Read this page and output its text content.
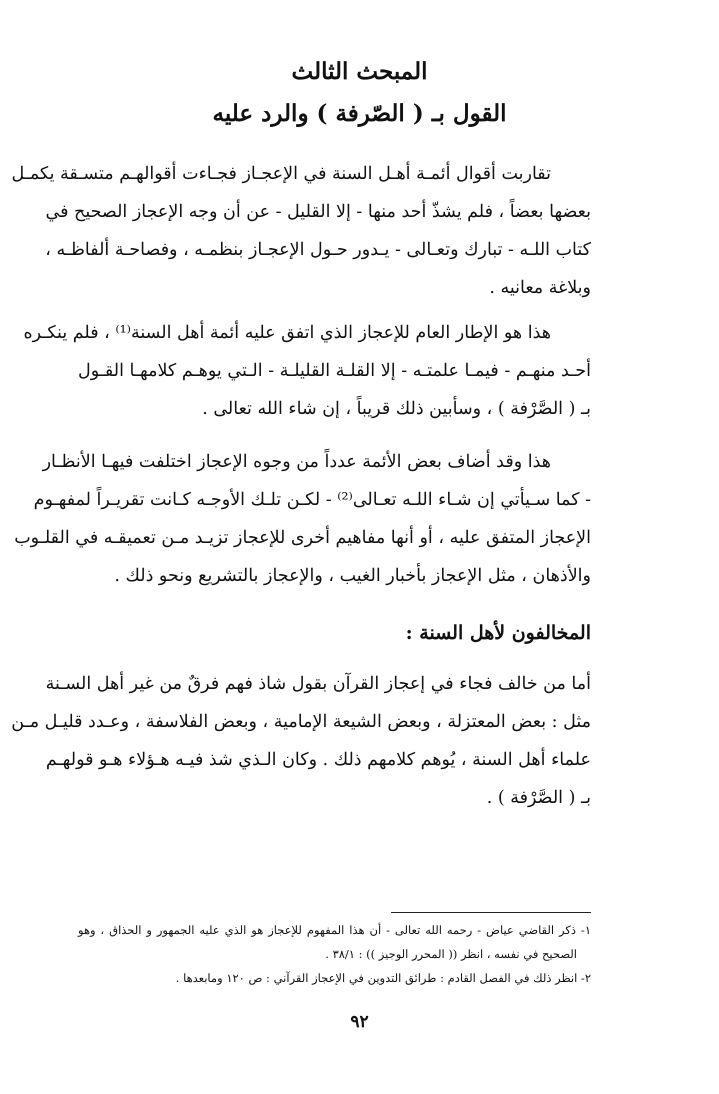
المبحث الثالث
القول بـ ( الصّرفة ) والرد عليه
تقاربت أقوال أئمـة أهـل السنة في الإعجـاز فجـاءت أقوالهـم متسـقة يكمـل
بعضها بعضاً ، فلم يشذّ أحد منها - إلا القليل - عن أن وجه الإعجاز الصحيح في
كتاب اللـه - تبارك وتعـالى - يـدور حـول الإعجـاز بنظمـه ، وفصاحـة ألفاظـه ،
وبلاغة معانيه .
هذا هو الإطار العام للإعجاز الذي اتفق عليه أئمة أهل السنة⁽¹⁾ ، فلم ينكـره
أحـد منهـم - فيمـا علمتـه - إلا القلـة القليلـة - الـتي يوهـم كلامهـا القـول
بـ ( الصَّرْفة ) ، وسأبين ذلك قريباً ، إن شاء الله تعالى .
هذا وقد أضاف بعض الأئمة عدداً من وجوه الإعجاز اختلفت فيهـا الأنظـار
- كما سـيأتي إن شـاء اللـه تعـالى⁽²⁾ - لكـن تلـك الأوجـه كـانت تقريـراً لمفهـوم
الإعجاز المتفق عليه ، أو أنها مفاهيم أخرى للإعجاز تزيـد مـن تعميقـه في القلـوب
والأذهان ، مثل الإعجاز بأخبار الغيب ، والإعجاز بالتشريع ونحو ذلك .
المخالفون لأهل السنة :
أما من خالف فجاء في إعجاز القرآن بقول شاذ فهم فرقٌ من غير أهل السـنة
مثل : بعض المعتزلة ، وبعض الشيعة الإمامية ، وبعض الفلاسفة ، وعـدد قليـل مـن
علماء أهل السنة ، يُوهم كلامهم ذلك . وكان الـذي شذ فيـه هـؤلاء هـو قولهـم
بـ ( الصَّرْفة ) .
١- ذكر القاضي عياض - رحمه الله تعالى - أن هذا المفهوم للإعجاز هو الذي عليه الجمهور و الحذاق ، وهو
الصحيح في نفسه ، انظر (( المحرر الوجيز )) : ٣٨/١ .
٢- انظر ذلك في الفصل القادم : طرائق التدوين في الإعجاز القرآني : ص ١٢٠ ومابعدها .
٩٢
